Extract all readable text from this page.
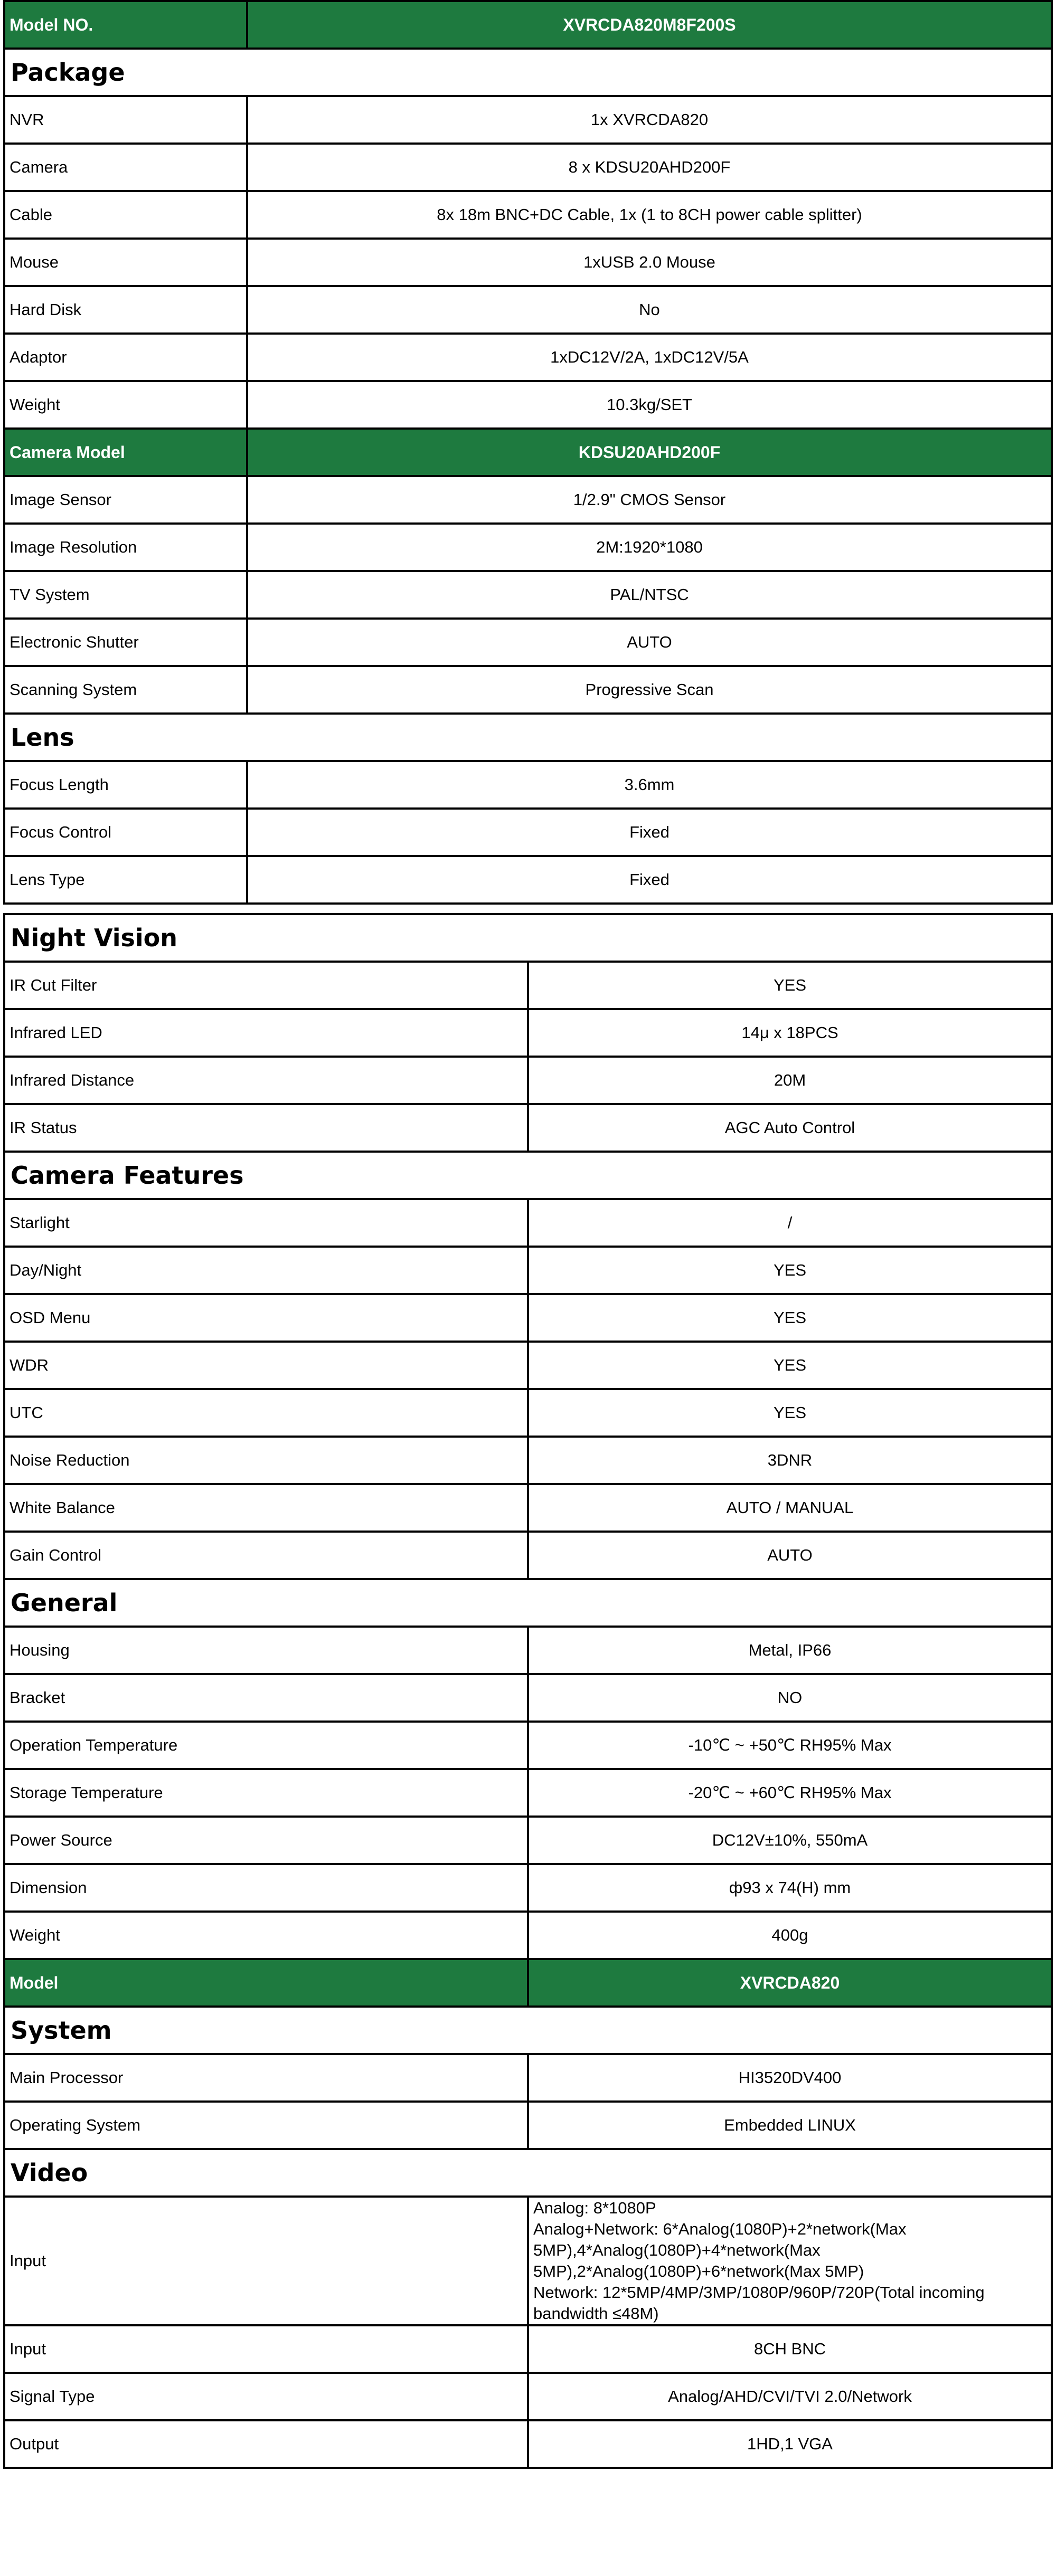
Model NO.	XVRCDA820M8F200S
Package	
NVR	1x XVRCDA820
Camera	8 x KDSU20AHD200F
Cable	8x 18m BNC+DC Cable, 1x (1 to 8CH power cable splitter)
Mouse	1xUSB 2.0 Mouse
Hard Disk	No
Adaptor	1xDC12V/2A, 1xDC12V/5A
Weight	10.3kg/SET
Camera Model	KDSU20AHD200F
Image Sensor	1/2.9" CMOS Sensor
Image Resolution	2M:1920*1080
TV System	PAL/NTSC
Electronic Shutter	AUTO
Scanning System	Progressive Scan
Lens	
Focus Length	3.6mm
Focus Control	Fixed
Lens Type	Fixed
Night Vision	
IR Cut Filter	YES
Infrared LED	14μ x 18PCS
Infrared Distance	20M
IR Status	AGC Auto Control
Camera Features	
Starlight	/
Day/Night	YES
OSD Menu	YES
WDR	YES
UTC	YES
Noise Reduction	3DNR
White Balance	AUTO / MANUAL
Gain Control	AUTO
General	
Housing	Metal, IP66
Bracket	NO
Operation Temperature	-10℃ ~ +50℃ RH95% Max
Storage Temperature	-20℃ ~ +60℃ RH95% Max
Power Source	DC12V±10%, 550mA
Dimension	ф93 x 74(H) mm
Weight	400g
Model	XVRCDA820
System	
Main Processor	HI3520DV400
Operating System	Embedded LINUX
Video	
Input	Analog: 8*1080P
Analog+Network: 6*Analog(1080P)+2*network(Max 5MP),4*Analog(1080P)+4*network(Max 5MP),2*Analog(1080P)+6*network(Max 5MP)
Network: 12*5MP/4MP/3MP/1080P/960P/720P(Total incoming bandwidth ≤48M)

Input	8CH BNC
Signal Type	Analog/AHD/CVI/TVI 2.0/Network
Output	1HD,1 VGA
